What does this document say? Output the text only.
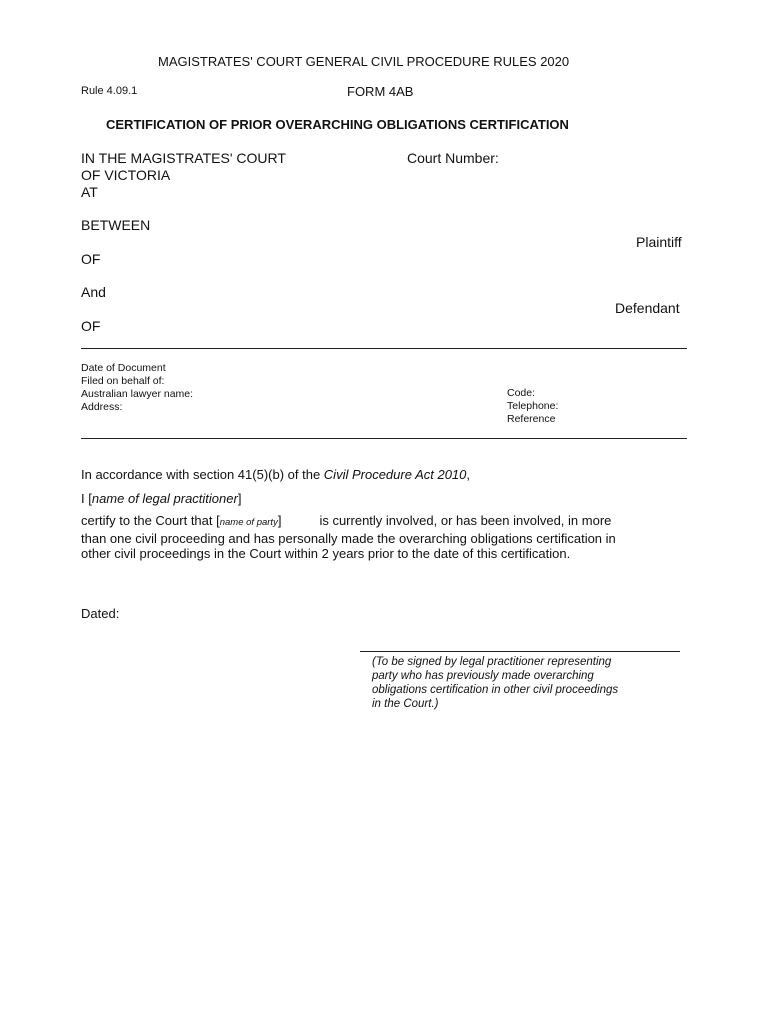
MAGISTRATES' COURT GENERAL CIVIL PROCEDURE RULES 2020
Rule 4.09.1	FORM 4AB
CERTIFICATION OF PRIOR OVERARCHING OBLIGATIONS CERTIFICATION
IN THE MAGISTRATES' COURT
OF VICTORIA
AT
Court Number:
BETWEEN
Plaintiff
OF
And
Defendant
OF
Date of Document
Filed on behalf of:
Australian lawyer name:
Address:
Code:
Telephone:
Reference
In accordance with section 41(5)(b) of the Civil Procedure Act 2010,
I [name of legal practitioner]
certify to the Court that [name of party]	is currently involved, or has been involved, in more
than one civil proceeding and has personally made the overarching obligations certification in
other civil proceedings in the Court within 2 years prior to the date of this certification.
Dated:
(To be signed by legal practitioner representing
party who has previously made overarching
obligations certification in other civil proceedings
in the Court.)
